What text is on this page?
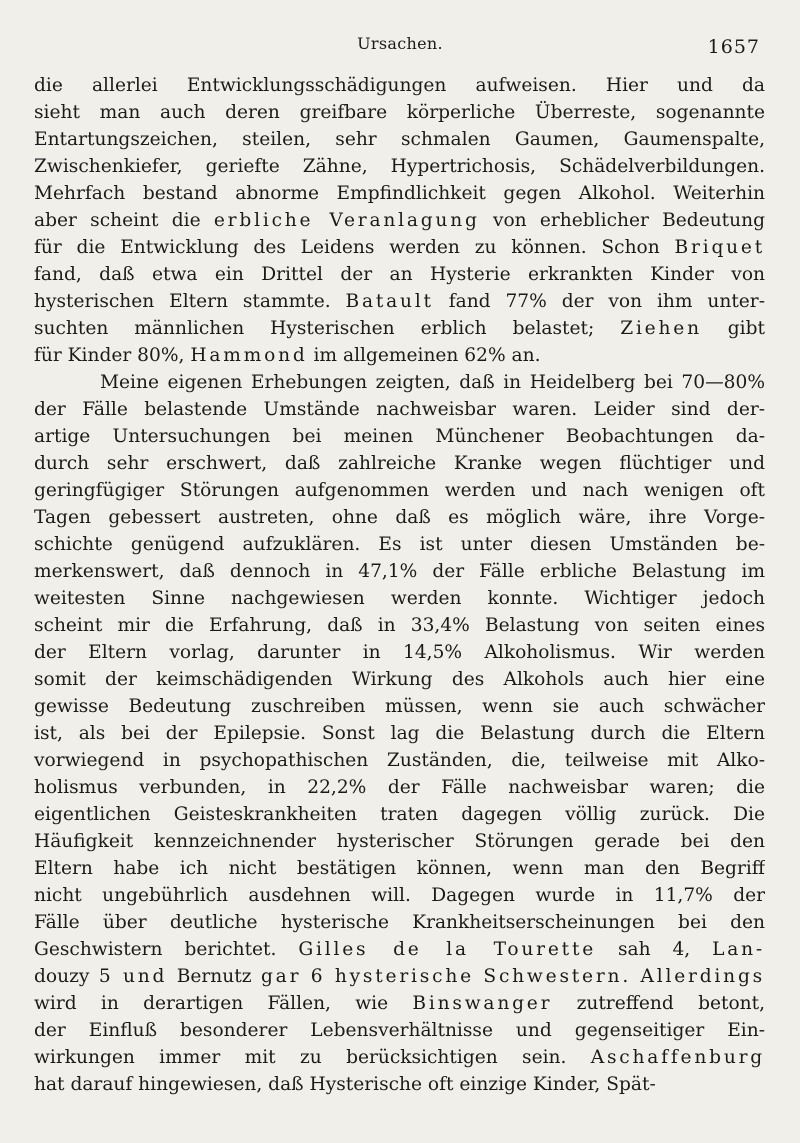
Ursachen.	1657
die allerlei Entwicklungsschädigungen aufweisen. Hier und da
sieht man auch deren greifbare körperliche Überreste, sogenannte
Entartungszeichen, steilen, sehr schmalen Gaumen, Gaumenspalte,
Zwischenkiefer, geriefte Zähne, Hypertrichosis, Schädelverbildungen.
Mehrfach bestand abnorme Empfindlichkeit gegen Alkohol. Weiterhin
aber scheint die erbliche Veranlagung von erheblicher Bedeutung
für die Entwicklung des Leidens werden zu können. Schon Briquet
fand, daß etwa ein Drittel der an Hysterie erkrankten Kinder von
hysterischen Eltern stammte. Batault fand 77% der von ihm unter-
suchten männlichen Hysterischen erblich belastet; Ziehen gibt
für Kinder 80%, Hammond im allgemeinen 62% an.
Meine eigenen Erhebungen zeigten, daß in Heidelberg bei 70—80%
der Fälle belastende Umstände nachweisbar waren. Leider sind der-
artige Untersuchungen bei meinen Münchener Beobachtungen da-
durch sehr erschwert, daß zahlreiche Kranke wegen flüchtiger und
geringfügiger Störungen aufgenommen werden und nach wenigen oft
Tagen gebessert austreten, ohne daß es möglich wäre, ihre Vorge-
schichte genügend aufzuklären. Es ist unter diesen Umständen be-
merkenswert, daß dennoch in 47,1% der Fälle erbliche Belastung im
weitesten Sinne nachgewiesen werden konnte. Wichtiger jedoch
scheint mir die Erfahrung, daß in 33,4% Belastung von seiten eines
der Eltern vorlag, darunter in 14,5% Alkoholismus. Wir werden
somit der keimschädigenden Wirkung des Alkohols auch hier eine
gewisse Bedeutung zuschreiben müssen, wenn sie auch schwächer
ist, als bei der Epilepsie. Sonst lag die Belastung durch die Eltern
vorwiegend in psychopathischen Zuständen, die, teilweise mit Alko-
holismus verbunden, in 22,2% der Fälle nachweisbar waren; die
eigentlichen Geisteskrankheiten traten dagegen völlig zurück. Die
Häufigkeit kennzeichnender hysterischer Störungen gerade bei den
Eltern habe ich nicht bestätigen können, wenn man den Begriff
nicht ungebührlich ausdehnen will. Dagegen wurde in 11,7% der
Fälle über deutliche hysterische Krankheitserscheinungen bei den
Geschwistern berichtet. Gilles de la Tourette sah 4, Lan-
douzy 5 und Bernutz gar 6 hysterische Schwestern. Allerdings
wird in derartigen Fällen, wie Binswanger zutreffend betont,
der Einfluß besonderer Lebensverhältnisse und gegenseitiger Ein-
wirkungen immer mit zu berücksichtigen sein. Aschaffenburg
hat darauf hingewiesen, daß Hysterische oft einzige Kinder, Spät-
